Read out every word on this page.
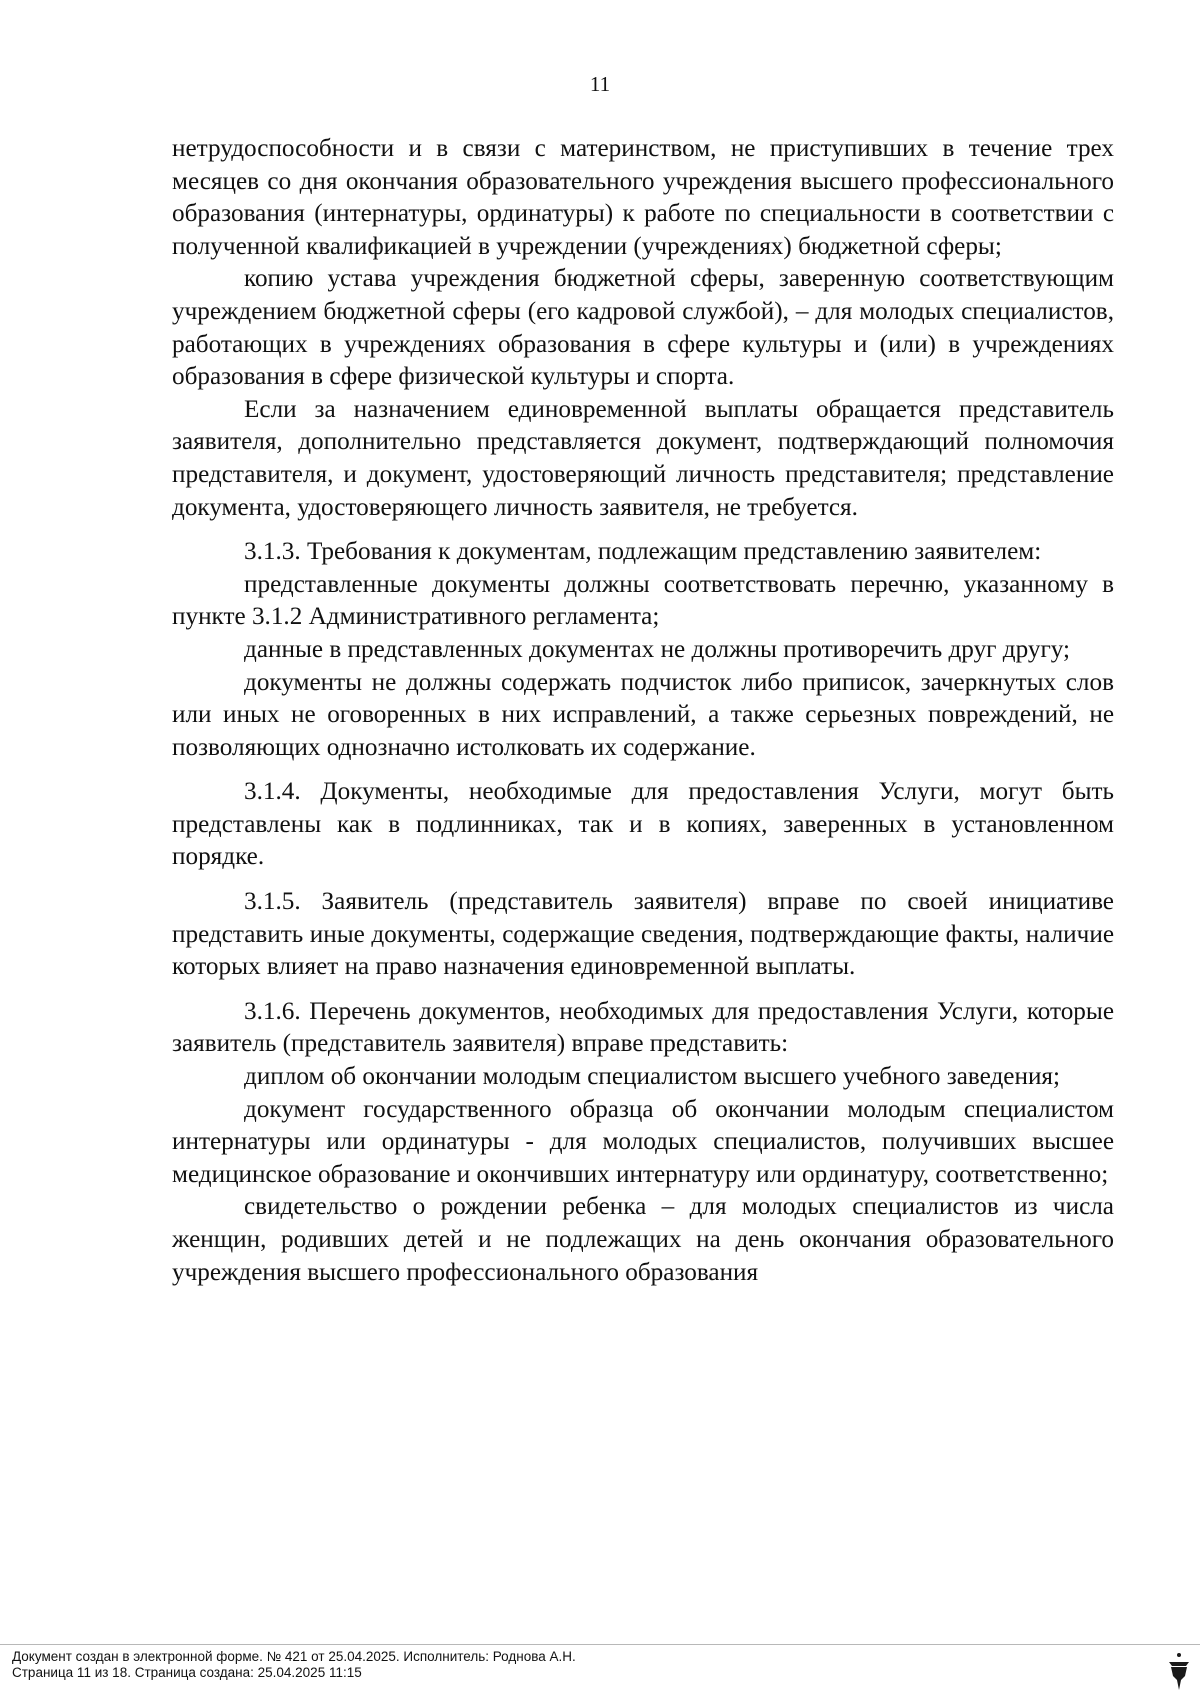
11

нетрудоспособности и в связи с материнством, не приступивших в течение трех месяцев со дня окончания образовательного учреждения высшего профессионального образования (интернатуры, ординатуры) к работе по специальности в соответствии с полученной квалификацией в учреждении (учреждениях) бюджетной сферы;

копию устава учреждения бюджетной сферы, заверенную соответствующим учреждением бюджетной сферы (его кадровой службой), – для молодых специалистов, работающих в учреждениях образования в сфере культуры и (или) в учреждениях образования в сфере физической культуры и спорта.

Если за назначением единовременной выплаты обращается представитель заявителя, дополнительно представляется документ, подтверждающий полномочия представителя, и документ, удостоверяющий личность представителя; представление документа, удостоверяющего личность заявителя, не требуется.

3.1.3. Требования к документам, подлежащим представлению заявителем:

представленные документы должны соответствовать перечню, указанному в пункте 3.1.2 Административного регламента;

данные в представленных документах не должны противоречить друг другу;

документы не должны содержать подчисток либо приписок, зачеркнутых слов или иных не оговоренных в них исправлений, а также серьезных повреждений, не позволяющих однозначно истолковать их содержание.

3.1.4. Документы, необходимые для предоставления Услуги, могут быть представлены как в подлинниках, так и в копиях, заверенных в установленном порядке.

3.1.5. Заявитель (представитель заявителя) вправе по своей инициативе представить иные документы, содержащие сведения, подтверждающие факты, наличие которых влияет на право назначения единовременной выплаты.

3.1.6. Перечень документов, необходимых для предоставления Услуги, которые заявитель (представитель заявителя) вправе представить:

диплом об окончании молодым специалистом высшего учебного заведения;

документ государственного образца об окончании молодым специалистом интернатуры или ординатуры - для молодых специалистов, получивших высшее медицинское образование и окончивших интернатуру или ординатуру, соответственно;

свидетельство о рождении ребенка – для молодых специалистов из числа женщин, родивших детей и не подлежащих на день окончания образовательного учреждения высшего профессионального образования

Документ создан в электронной форме. № 421 от 25.04.2025. Исполнитель: Роднова А.Н.
Страница 11 из 18. Страница создана: 25.04.2025 11:15
